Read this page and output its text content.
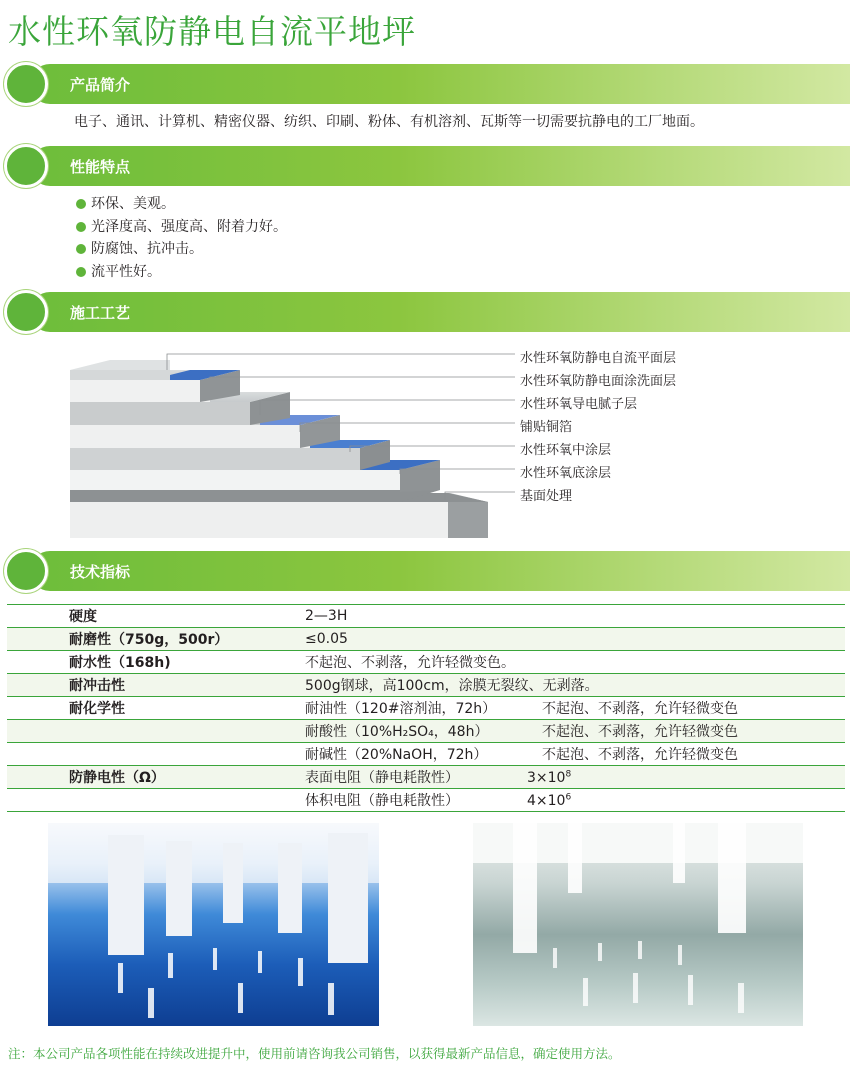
水性环氧防静电自流平地坪
产品简介
电子、通讯、计算机、精密仪器、纺织、印刷、粉体、有机溶剂、瓦斯等一切需要抗静电的工厂地面。
性能特点
环保、美观。
光泽度高、强度高、附着力好。
防腐蚀、抗冲击。
流平性好。
施工工艺
水性环氧防静电自流平面层
水性环氧防静电面涂洗面层
水性环氧导电腻子层
铺贴铜箔
水性环氧中涂层
水性环氧底涂层
基面处理
技术指标
硬度	2—3H
耐磨性（750g，500r）	≤0.05
耐水性（168h)	不起泡、不剥落，允许轻微变色。
耐冲击性	500g钢球，高100cm，涂膜无裂纹、无剥落。
耐化学性	耐油性（120#溶剂油，72h） 不起泡、不剥落，允许轻微变色
	耐酸性（10%H₂SO₄，48h） 不起泡、不剥落，允许轻微变色
	耐碱性（20%NaOH，72h） 不起泡、不剥落，允许轻微变色
防静电性（Ω）	表面电阻（静电耗散性） $3\times 10^8$
	体积电阻（静电耗散性） $4\times 10^6$
注：本公司产品各项性能在持续改进提升中，使用前请咨询我公司销售，以获得最新产品信息，确定使用方法。
